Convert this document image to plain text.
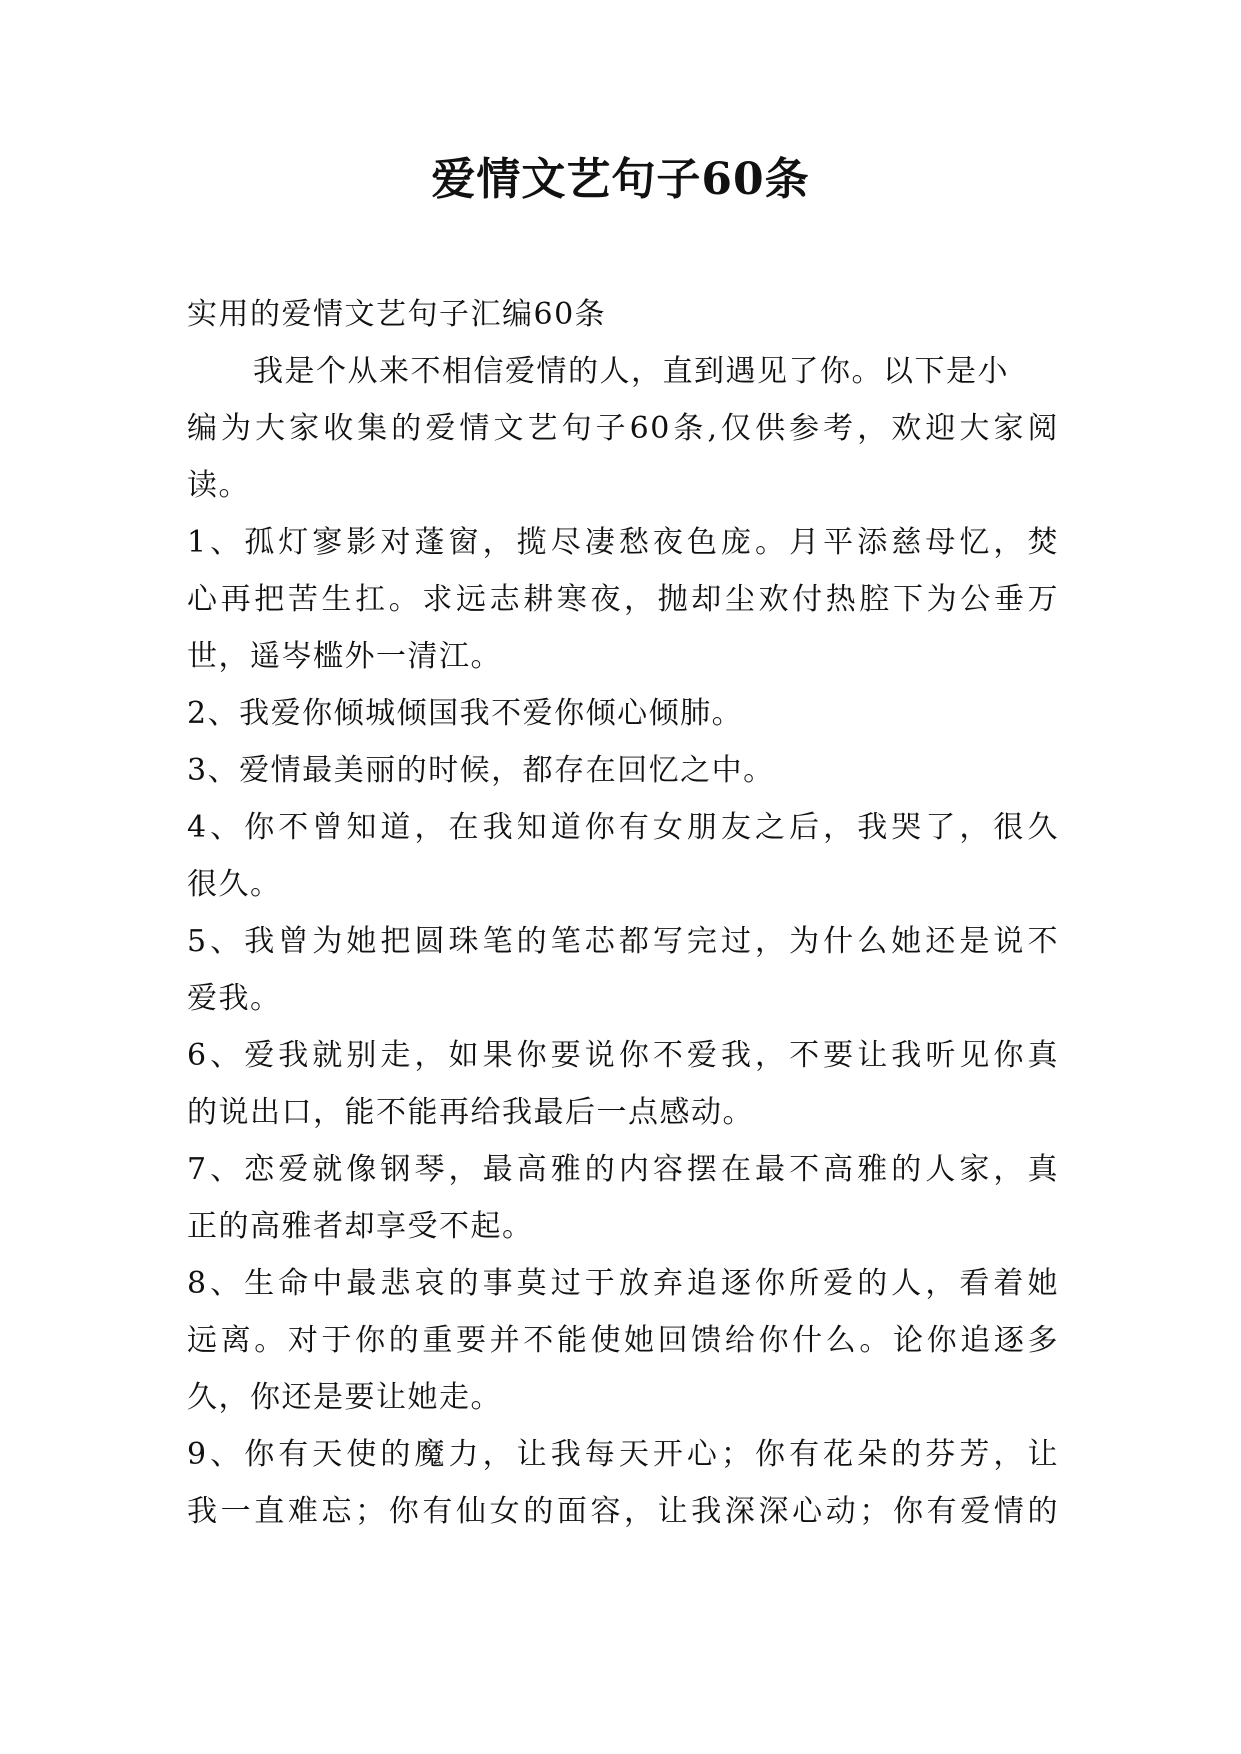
爱情文艺句子60条
实用的爱情文艺句子汇编60条
我是个从来不相信爱情的人，直到遇见了你。以下是小
编为大家收集的爱情文艺句子60条,仅供参考，欢迎大家阅
读。
1、孤灯寥影对蓬窗，揽尽凄愁夜色庞。月平添慈母忆，焚
心再把苦生扛。求远志耕寒夜，抛却尘欢付热腔下为公垂万
世，遥岑槛外一清江。
2、我爱你倾城倾国我不爱你倾心倾肺。
3、爱情最美丽的时候，都存在回忆之中。
4、你不曾知道，在我知道你有女朋友之后，我哭了，很久
很久。
5、我曾为她把圆珠笔的笔芯都写完过，为什么她还是说不
爱我。
6、爱我就别走，如果你要说你不爱我，不要让我听见你真
的说出口，能不能再给我最后一点感动。
7、恋爱就像钢琴，最高雅的内容摆在最不高雅的人家，真
正的高雅者却享受不起。
8、生命中最悲哀的事莫过于放弃追逐你所爱的人，看着她
远离。对于你的重要并不能使她回馈给你什么。论你追逐多
久，你还是要让她走。
9、你有天使的魔力，让我每天开心；你有花朵的芬芳，让
我一直难忘；你有仙女的面容，让我深深心动；你有爱情的
